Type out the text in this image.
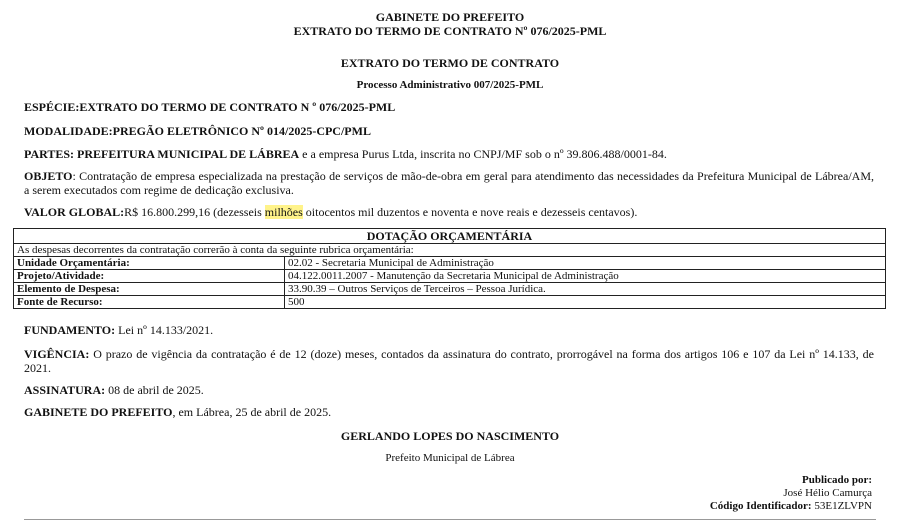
GABINETE DO PREFEITO
EXTRATO DO TERMO DE CONTRATO Nº 076/2025-PML
EXTRATO DO TERMO DE CONTRATO
Processo Administrativo 007/2025-PML
ESPÉCIE:EXTRATO DO TERMO DE CONTRATO N º 076/2025-PML
MODALIDADE:PREGÃO ELETRÔNICO Nº 014/2025-CPC/PML
PARTES: PREFEITURA MUNICIPAL DE LÁBREA e a empresa Purus Ltda, inscrita no CNPJ/MF sob o nº 39.806.488/0001-84.
OBJETO: Contratação de empresa especializada na prestação de serviços de mão-de-obra em geral para atendimento das necessidades da Prefeitura Municipal de Lábrea/AM, a serem executados com regime de dedicação exclusiva.
VALOR GLOBAL:R$ 16.800.299,16 (dezesseis milhões oitocentos mil duzentos e noventa e nove reais e dezesseis centavos).
DOTAÇÃO ORÇAMENTÁRIA	
As despesas decorrentes da contratação correrão à conta da seguinte rubrica orçamentária:	
Unidade Orçamentária:	02.02 - Secretaria Municipal de Administração
Projeto/Atividade:	04.122.0011.2007 - Manutenção da Secretaria Municipal de Administração
Elemento de Despesa:	33.90.39 – Outros Serviços de Terceiros – Pessoa Jurídica.
Fonte de Recurso:	500
FUNDAMENTO: Lei nº 14.133/2021.
VIGÊNCIA: O prazo de vigência da contratação é de 12 (doze) meses, contados da assinatura do contrato, prorrogável na forma dos artigos 106 e 107 da Lei nº 14.133, de 2021.
ASSINATURA: 08 de abril de 2025.
GABINETE DO PREFEITO, em Lábrea, 25 de abril de 2025.
GERLANDO LOPES DO NASCIMENTO
Prefeito Municipal de Lábrea
Publicado por:
José Hélio Camurça
Código Identificador: 53E1ZLVPN
